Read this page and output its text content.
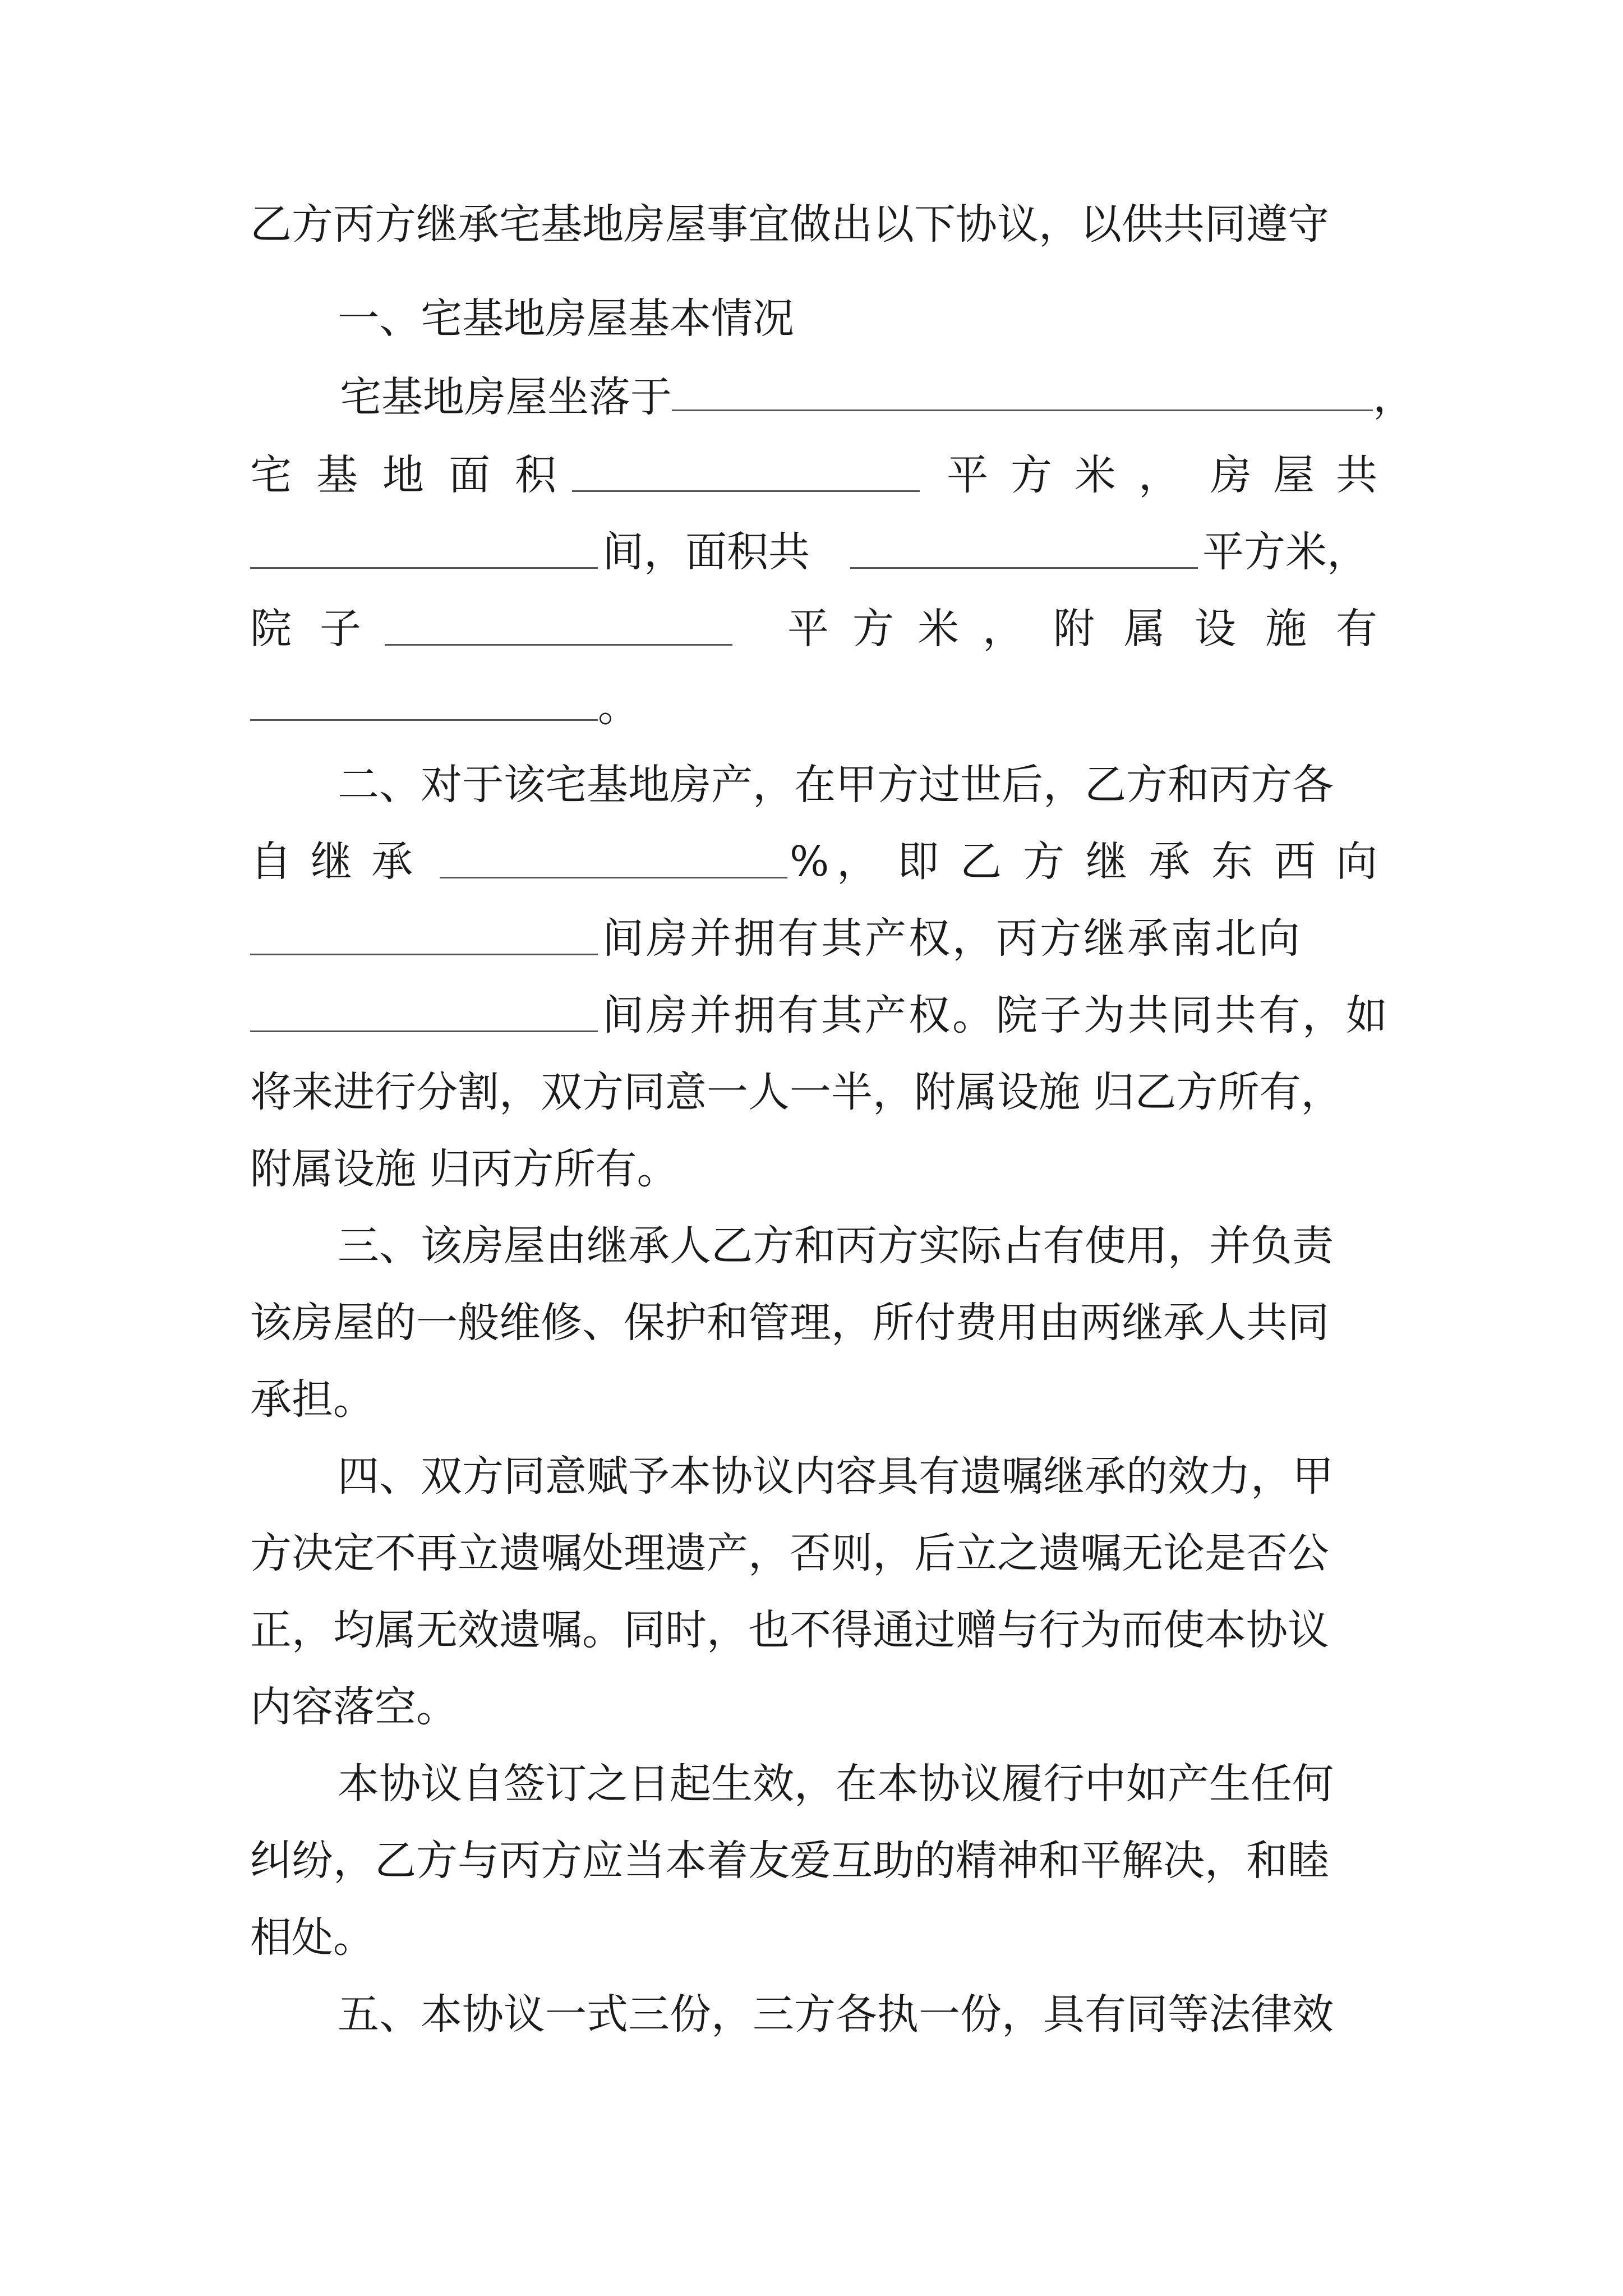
乙方丙方继承宅基地房屋事宜做出以下协议，以供共同遵守
一、宅基地房屋基本情况
宅基地房屋坐落于	，
宅 基 地 面 积	平 方 米 ， 房 屋 共
间，面积共	平方米，
院 子	平 方 米 ， 附 属 设 施 有
。
二、对于该宅基地房产，在甲方过世后，乙方和丙方各
自 继 承	% ， 即 乙 方 继 承 东 西 向
间房并拥有其产权，丙方继承南北向
间房并拥有其产权。院子为共同共有，如
将来进行分割，双方同意一人一半，附属设施 归乙方所有，
附属设施 归丙方所有。
三、该房屋由继承人乙方和丙方实际占有使用，并负责
该房屋的一般维修、保护和管理，所付费用由两继承人共同
承担。
四、双方同意赋予本协议内容具有遗嘱继承的效力，甲
方决定不再立遗嘱处理遗产，否则，后立之遗嘱无论是否公
正，均属无效遗嘱。同时，也不得通过赠与行为而使本协议
内容落空。
本协议自签订之日起生效，在本协议履行中如产生任何
纠纷，乙方与丙方应当本着友爱互助的精神和平解决，和睦
相处。
五、本协议一式三份，三方各执一份，具有同等法律效
